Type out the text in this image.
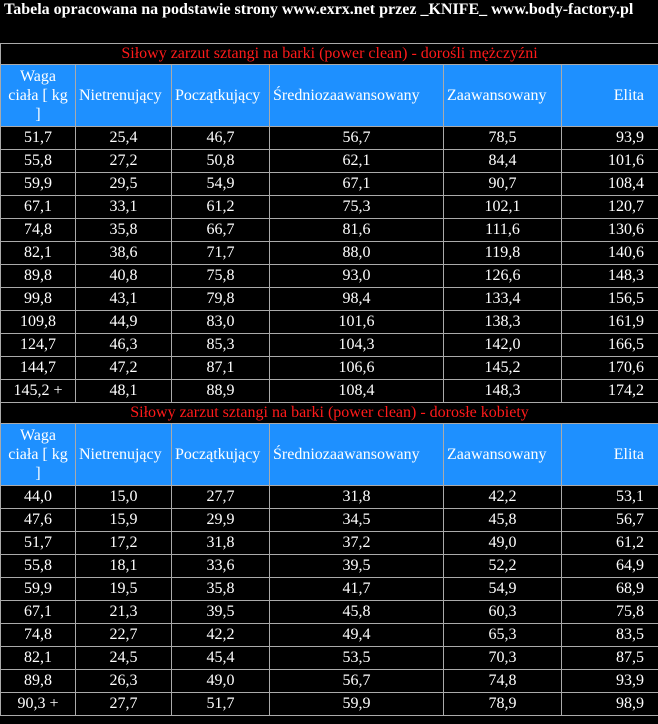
Tabela opracowana na podstawie strony www.exrx.net przez _KNIFE_ www.body-factory.pl
Siłowy zarzut sztangi na barki (power clean) - dorośli mężczyźni					
Waga ciała [ kg ]	Nietrenujący	Początkujący	Średniozaawansowany	Zaawansowany	Elita
51,7	25,4	46,7	56,7	78,5	93,9
55,8	27,2	50,8	62,1	84,4	101,6
59,9	29,5	54,9	67,1	90,7	108,4
67,1	33,1	61,2	75,3	102,1	120,7
74,8	35,8	66,7	81,6	111,6	130,6
82,1	38,6	71,7	88,0	119,8	140,6
89,8	40,8	75,8	93,0	126,6	148,3
99,8	43,1	79,8	98,4	133,4	156,5
109,8	44,9	83,0	101,6	138,3	161,9
124,7	46,3	85,3	104,3	142,0	166,5
144,7	47,2	87,1	106,6	145,2	170,6
145,2 +	48,1	88,9	108,4	148,3	174,2
Siłowy zarzut sztangi na barki (power clean) - dorosłe kobiety					
Waga ciała [ kg ]	Nietrenujący	Początkujący	Średniozaawansowany	Zaawansowany	Elita
44,0	15,0	27,7	31,8	42,2	53,1
47,6	15,9	29,9	34,5	45,8	56,7
51,7	17,2	31,8	37,2	49,0	61,2
55,8	18,1	33,6	39,5	52,2	64,9
59,9	19,5	35,8	41,7	54,9	68,9
67,1	21,3	39,5	45,8	60,3	75,8
74,8	22,7	42,2	49,4	65,3	83,5
82,1	24,5	45,4	53,5	70,3	87,5
89,8	26,3	49,0	56,7	74,8	93,9
90,3 +	27,7	51,7	59,9	78,9	98,9
